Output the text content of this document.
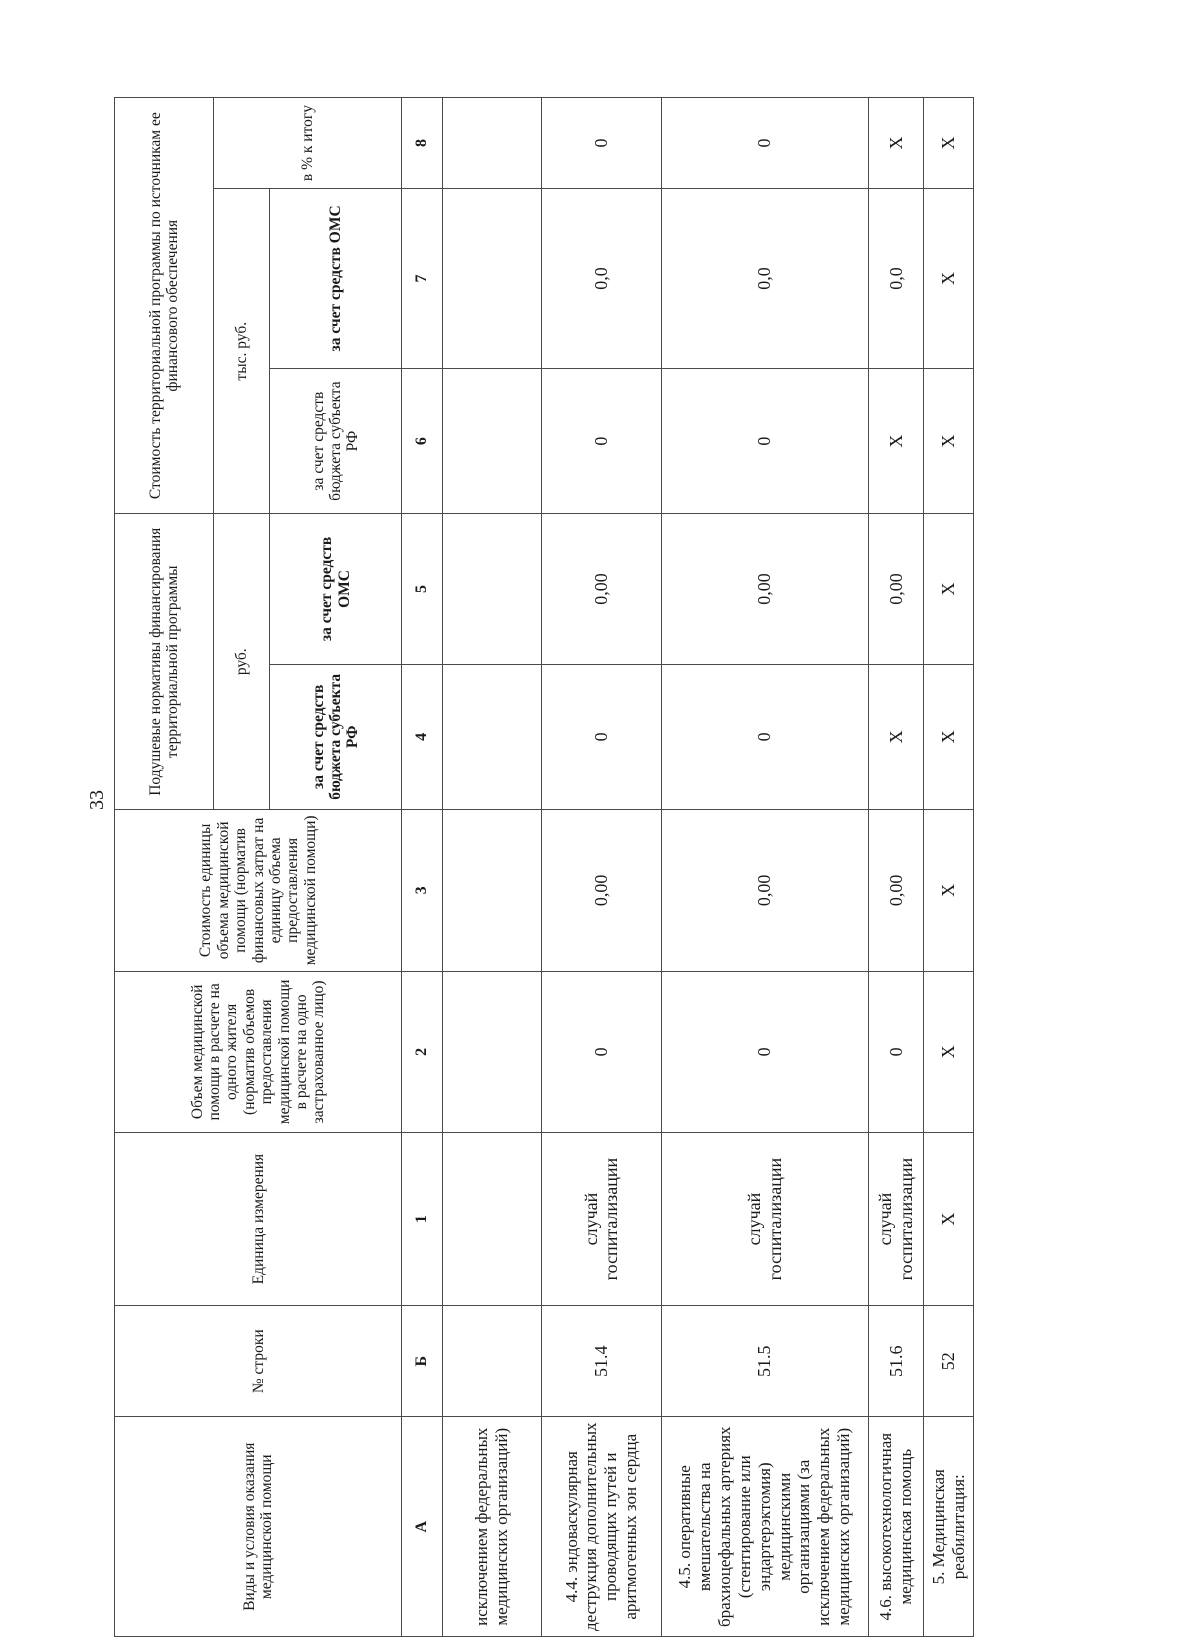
33
Виды и условия оказания медицинской помощи	№ строки	Единица измерения	Объем медицинской помощи в расчете на одного жителя (норматив объемов предоставления медицинской помощи в расчете на одно застрахованное лицо)	Стоимость единицы объема медицинской помощи (норматив финансовых затрат на единицу объема предоставления медицинской помощи)	Подушевые нормативы финансирования территориальной программы		Стоимость территориальной программы по источникам ее финансового обеспечения		
					руб.		тыс. руб.		в % к итогу
					за счет средств бюджета субъекта РФ	за счет средств ОМС	за счет средств бюджета субъекта РФ	за счет средств ОМС	
А	Б	1	2	3	4	5	6	7	8
исключением федеральных медицинских организаций)									
4.4. эндоваскулярная деструкция дополнительных проводящих путей и аритмогенных зон сердца	51.4	случай госпитализации	0	0,00	0	0,00	0	0,0	0
4.5. оперативные вмешательства на брахиоцефальных артериях (стентирование или эндартерэктомия) медицинскими организациями (за исключением федеральных медицинских организаций)	51.5	случай госпитализации	0	0,00	0	0,00	0	0,0	0
4.6. высокотехнологичная медицинская помощь	51.6	случай госпитализации	0	0,00	Х	0,00	Х	0,0	Х
5. Медицинская реабилитация:	52	Х	Х	Х	Х	Х	Х	Х	Х
